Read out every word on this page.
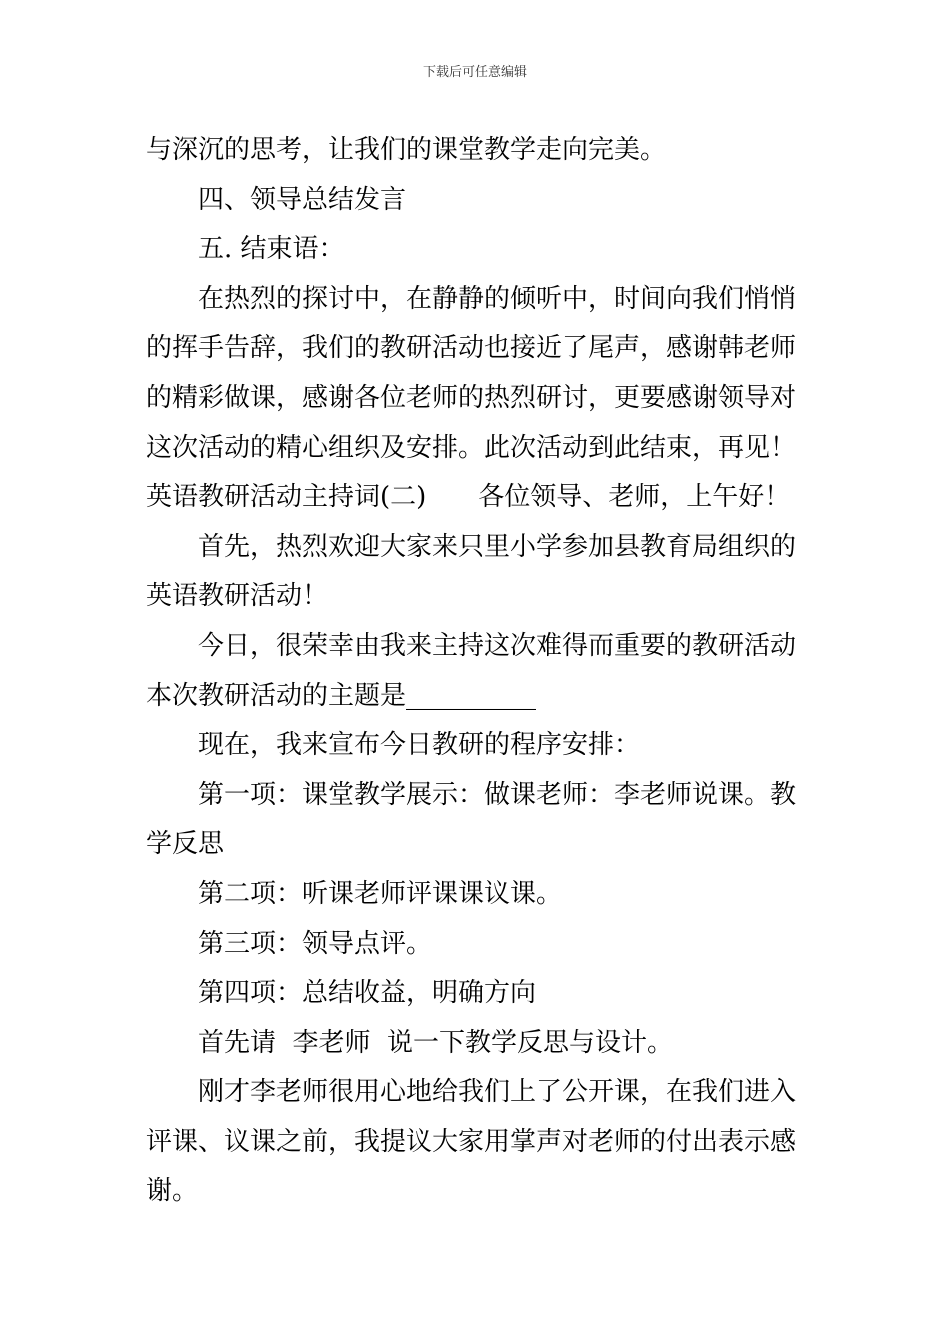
下载后可任意编辑
与深沉的思考，让我们的课堂教学走向完美。
四、领导总结发言
五. 结束语：
在热烈的探讨中，在静静的倾听中，时间向我们悄悄
的挥手告辞，我们的教研活动也接近了尾声，感谢韩老师
的精彩做课，感谢各位老师的热烈研讨，更要感谢领导对
这次活动的精心组织及安排。此次活动到此结束，再见！
英语教研活动主持词(二) 各位领导、老师，上午好！
首先，热烈欢迎大家来只里小学参加县教育局组织的
英语教研活动！
今日，很荣幸由我来主持这次难得而重要的教研活动
本次教研活动的主题是__________
现在，我来宣布今日教研的程序安排：
第一项：课堂教学展示：做课老师：李老师说课。教
学反思
第二项：听课老师评课课议课。
第三项：领导点评。
第四项：总结收益，明确方向
首先请  李老师  说一下教学反思与设计。
刚才李老师很用心地给我们上了公开课，在我们进入
评课、议课之前，我提议大家用掌声对老师的付出表示感
谢。
